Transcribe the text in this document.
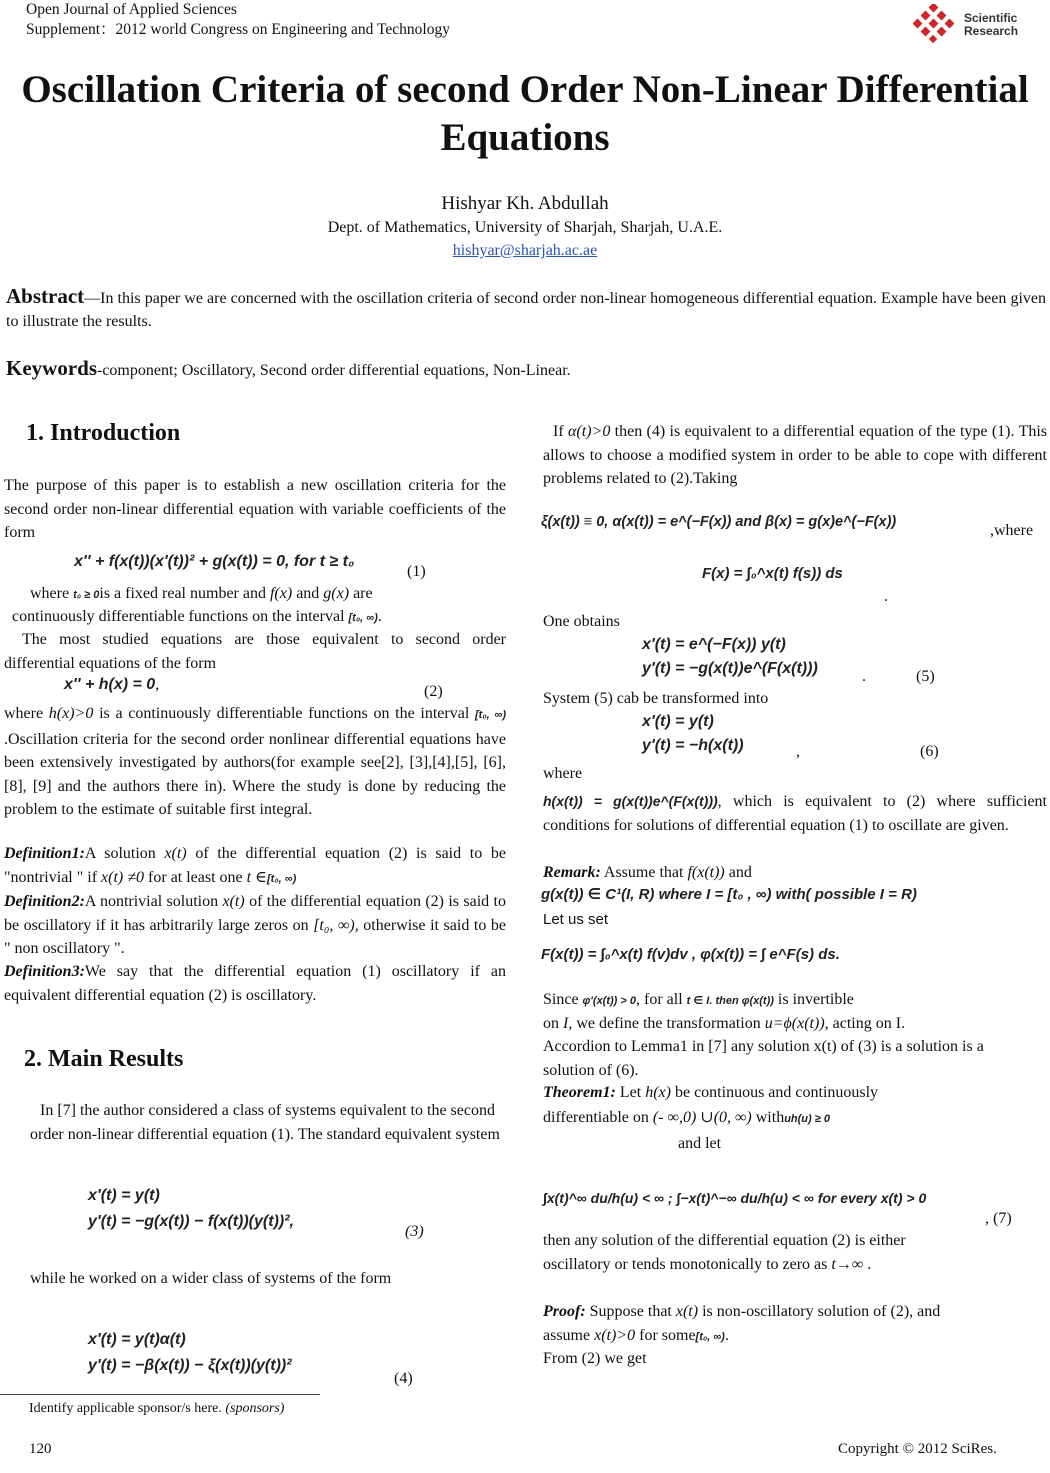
Open Journal of Applied Sciences
Supplement：2012 world Congress on Engineering and Technology
Scientific
Research
Oscillation Criteria of second Order Non-Linear Differential
Equations
Hishyar Kh. Abdullah
Dept. of Mathematics, University of Sharjah, Sharjah, U.A.E.
hishyar@sharjah.ac.ae
Abstract—In this paper we are concerned with the oscillation criteria of second order non-linear homogeneous differential equation. Example have been given to illustrate the results.
Keywords-component; Oscillatory, Second order differential equations, Non-Linear.
1. Introduction
The purpose of this paper is to establish a new oscillation criteria for the second order non-linear differential equation with variable coefficients of the form
x'' + f(x(t))(x'(t))² + g(x(t)) = 0, for t ≥ t₀
(1)
where t₀ ≥ 0is a fixed real number and f(x) and g(x) are
continuously differentiable functions on the interval [t₀, ∞).
The most studied equations are those equivalent to second order differential equations of the form
x'' + h(x) = 0,	(2)
where h(x)>0 is a continuously differentiable functions on the interval [t₀, ∞) .Oscillation criteria for the second order nonlinear differential equations have been extensively investigated by authors(for example see[2], [3],[4],[5], [6],[8], [9] and the authors there in). Where the study is done by reducing the problem to the estimate of suitable first integral.
Definition1:A solution x(t) of the differential equation (2) is said to be "nontrivial " if x(t) ≠0 for at least one t ∈[t₀, ∞)
Definition2:A nontrivial solution x(t) of the differential equation (2) is said to be oscillatory if it has arbitrarily large zeros on [t₀, ∞), otherwise it said to be " non oscillatory ".
Definition3:We say that the differential equation (1) oscillatory if an equivalent differential equation (2) is oscillatory.
2. Main Results
In [7] the author considered a class of systems equivalent to the second order non-linear differential equation (1). The standard equivalent system
x'(t) = y(t)
y'(t) = −g(x(t)) − f(x(t))(y(t))²,
(3)
while he worked on a wider class of systems of the form
x'(t) = y(t)α(t)
y'(t) = −β(x(t)) − ξ(x(t))(y(t))²
(4)
If α(t)>0 then (4) is equivalent to a differential equation of the type (1). This allows to choose a modified system in order to be able to cope with different problems related to (2).Taking
ξ(x(t)) ≡ 0, α(x(t)) = e^(−F(x)) and β(x) = g(x)e^(−F(x))	,where
F(x) = ∫₀^x(t) f(s)) ds
.
One obtains
x'(t) = e^(−F(x)) y(t)
y'(t) = −g(x(t))e^(F(x(t)))	.	(5)
System (5) cab be transformed into
x'(t) = y(t)
y'(t) = −h(x(t))	,	(6)
where
h(x(t)) = g(x(t))e^(F(x(t))), which is equivalent to (2) where sufficient conditions for solutions of differential equation (1) to oscillate are given.
Remark: Assume that f(x(t)) and
g(x(t)) ∈ C¹(I, R) where I = [t₀ , ∞) with( possible I = R)
Let us set
F(x(t)) = ∫₀^x(t) f(v)dv , φ(x(t)) = ∫ e^F(s) ds.
Since φ'(x(t)) > 0, for all t ∈ I. then φ(x(t)) is invertible
on I, we define the transformation u=ϕ(x(t)), acting on I.
Accordion to Lemma1 in [7] any solution x(t) of (3) is a solution is a solution of (6).
Theorem1: Let h(x) be continuous and continuously
differentiable on (- ∞,0) ∪(0, ∞) withuh(u) ≥ 0
and let
∫x(t)^∞ du/h(u) < ∞ ; ∫−x(t)^−∞ du/h(u) < ∞ for every x(t) > 0
, (7)
then any solution of the differential equation (2) is either
oscillatory or tends monotonically to zero as t→∞ .
Proof: Suppose that x(t) is non-oscillatory solution of (2), and
assume x(t)>0 for some[t₀, ∞).
From (2) we get
Identify applicable sponsor/s here. (sponsors)
120	Copyright © 2012 SciRes.
